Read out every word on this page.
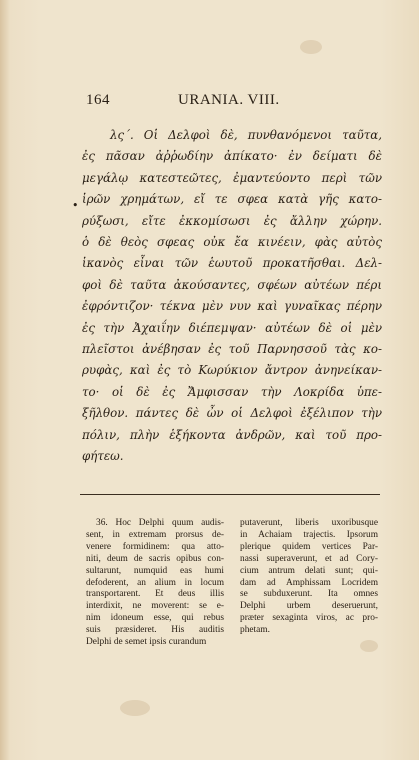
164	URANIA. VIII.
•
λς΄. Οἱ Δελφοὶ δὲ, πυνθανόμενοι ταῦτα,
ἐς πᾶσαν ἀῤῥωδίην ἀπίκατο· ἐν δείματι δὲ
μεγάλῳ κατεστεῶτες, ἐμαντεύοντο περὶ τῶν
ἱρῶν χρημάτων, εἴ τε σφεα κατὰ γῆς κατο-
ρύξωσι, εἴτε ἐκκομίσωσι ἐς ἄλλην χώρην.
ὁ δὲ θεὸς σφεας οὐκ ἔα κινέειν, φὰς αὐτὸς
ἱκανὸς εἶναι τῶν ἑωυτοῦ προκατῆσθαι. Δελ-
φοὶ δὲ ταῦτα ἀκούσαντες, σφέων αὐτέων πέρι
ἐφρόντιζον· τέκνα μὲν νυν καὶ γυναῖκας πέρην
ἐς τὴν Ἀχαιΐην διέπεμψαν· αὐτέων δὲ οἱ μὲν
πλεῖστοι ἀνέβησαν ἐς τοῦ Παρνησσοῦ τὰς κο-
ρυφὰς, καὶ ἐς τὸ Κωρύκιον ἄντρον ἀνηνείκαν-
το· οἱ δὲ ἐς Ἄμφισσαν τὴν Λοκρίδα ὑπε-
ξῆλθον. πάντες δὲ ὦν οἱ Δελφοὶ ἐξέλιπον τὴν
πόλιν, πλὴν ἑξήκοντα ἀνδρῶν, καὶ τοῦ προ-
φήτεω.
36. Hoc Delphi quum audis-
sent, in extremam prorsus de-
venere formidinem: qua atto-
niti, deum de sacris opibus con-
sultarunt, numquid eas humi
defoderent, an alium in locum
transportarent. Et deus illis
interdixit, ne moverent: se e-
nim idoneum esse, qui rebus
suis præsideret. His auditis
Delphi de semet ipsis curandum
putaverunt, liberis uxoribusque
in Achaiam trajectis. Ipsorum
plerique quidem vertices Par-
nassi superaverunt, et ad Cory-
cium antrum delati sunt; qui-
dam ad Amphissam Locridem
se subduxerunt. Ita omnes
Delphi urbem deseruerunt,
præter sexaginta viros, ac pro-
phetam.
